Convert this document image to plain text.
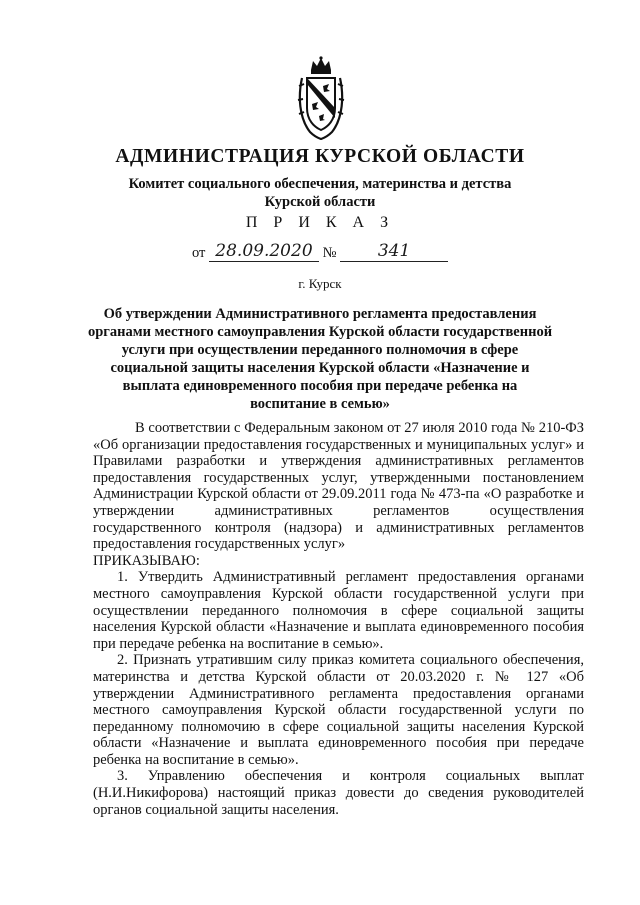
АДМИНИСТРАЦИЯ КУРСКОЙ ОБЛАСТИ
Комитет социального обеспечения, материнства и детства
Курской области
П Р И К А З
от 28.09.2020 № 341
г. Курск
Об утверждении Административного регламента предоставления органами местного самоуправления Курской области государственной услуги при осуществлении переданного полномочия в сфере социальной защиты населения Курской области «Назначение и выплата единовременного пособия при передаче ребенка на воспитание в семью»

В соответствии с Федеральным законом от 27 июля 2010 года № 210-ФЗ «Об организации предоставления государственных и муниципальных услуг» и Правилами разработки и утверждения административных регламентов предоставления государственных услуг, утвержденными постановлением Администрации Курской области от 29.09.2011 года № 473-па «О разработке и утверждении административных регламентов осуществления государственного контроля (надзора) и административных регламентов предоставления государственных услуг»

ПРИКАЗЫВАЮ:

1. Утвердить Административный регламент предоставления органами местного самоуправления Курской области государственной услуги при осуществлении переданного полномочия в сфере социальной защиты населения Курской области «Назначение и выплата единовременного пособия при передаче ребенка на воспитание в семью».

2. Признать утратившим силу приказ комитета социального обеспечения, материнства и детства Курской области от 20.03.2020 г. № 127 «Об утверждении Административного регламента предоставления органами местного самоуправления Курской области государственной услуги по переданному полномочию в сфере социальной защиты населения Курской области «Назначение и выплата единовременного пособия при передаче ребенка на воспитание в семью».

3. Управлению обеспечения и контроля социальных выплат (Н.И.Никифорова) настоящий приказ довести до сведения руководителей органов социальной защиты населения.
